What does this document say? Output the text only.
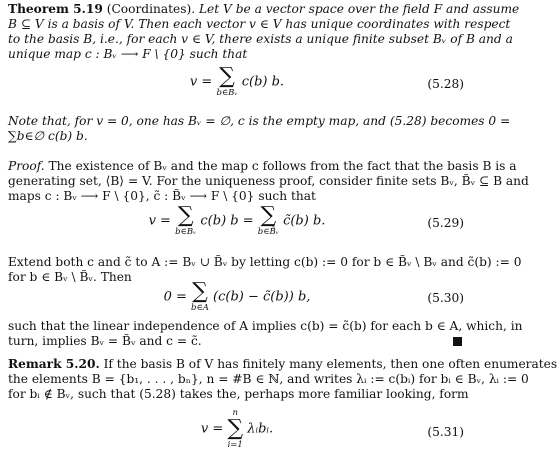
Theorem 5.19 (Coordinates). Let V be a vector space over the field F and assume
B ⊆ V is a basis of V. Then each vector v ∈ V has unique coordinates with respect
to the basis B, i.e., for each v ∈ V, there exists a unique finite subset Bᵥ of B and a
unique map c : Bᵥ ⟶ F \ {0} such that
v = ∑
b∈Bᵥ
c(b) b.	(5.28)
Note that, for v = 0, one has Bᵥ = ∅, c is the empty map, and (5.28) becomes 0 =
∑b∈∅ c(b) b.
Proof. The existence of Bᵥ and the map c follows from the fact that the basis B is a
generating set, ⟨B⟩ = V. For the uniqueness proof, consider finite sets Bᵥ, B̃ᵥ ⊆ B and
maps c : Bᵥ ⟶ F \ {0}, c̃ : B̃ᵥ ⟶ F \ {0} such that
v = ∑
b∈Bᵥ
c(b) b = ∑
b∈B̃ᵥ
c̃(b) b.	(5.29)
Extend both c and c̃ to A := Bᵥ ∪ B̃ᵥ by letting c(b) := 0 for b ∈ B̃ᵥ \ Bᵥ and c̃(b) := 0
for b ∈ Bᵥ \ B̃ᵥ. Then
0 = ∑
b∈A
(c(b) − c̃(b)) b,	(5.30)
such that the linear independence of A implies c(b) = c̃(b) for each b ∈ A, which, in
turn, implies Bᵥ = B̃ᵥ and c = c̃.
Remark 5.20. If the basis B of V has finitely many elements, then one often enumerates
the elements B = {b₁, . . . , bₙ}, n = #B ∈ ℕ, and writes λᵢ := c(bᵢ) for bᵢ ∈ Bᵥ, λᵢ := 0
for bᵢ ∉ Bᵥ, such that (5.28) takes the, perhaps more familiar looking, form
v =
n
∑
i=1
λᵢbᵢ.	(5.31)
